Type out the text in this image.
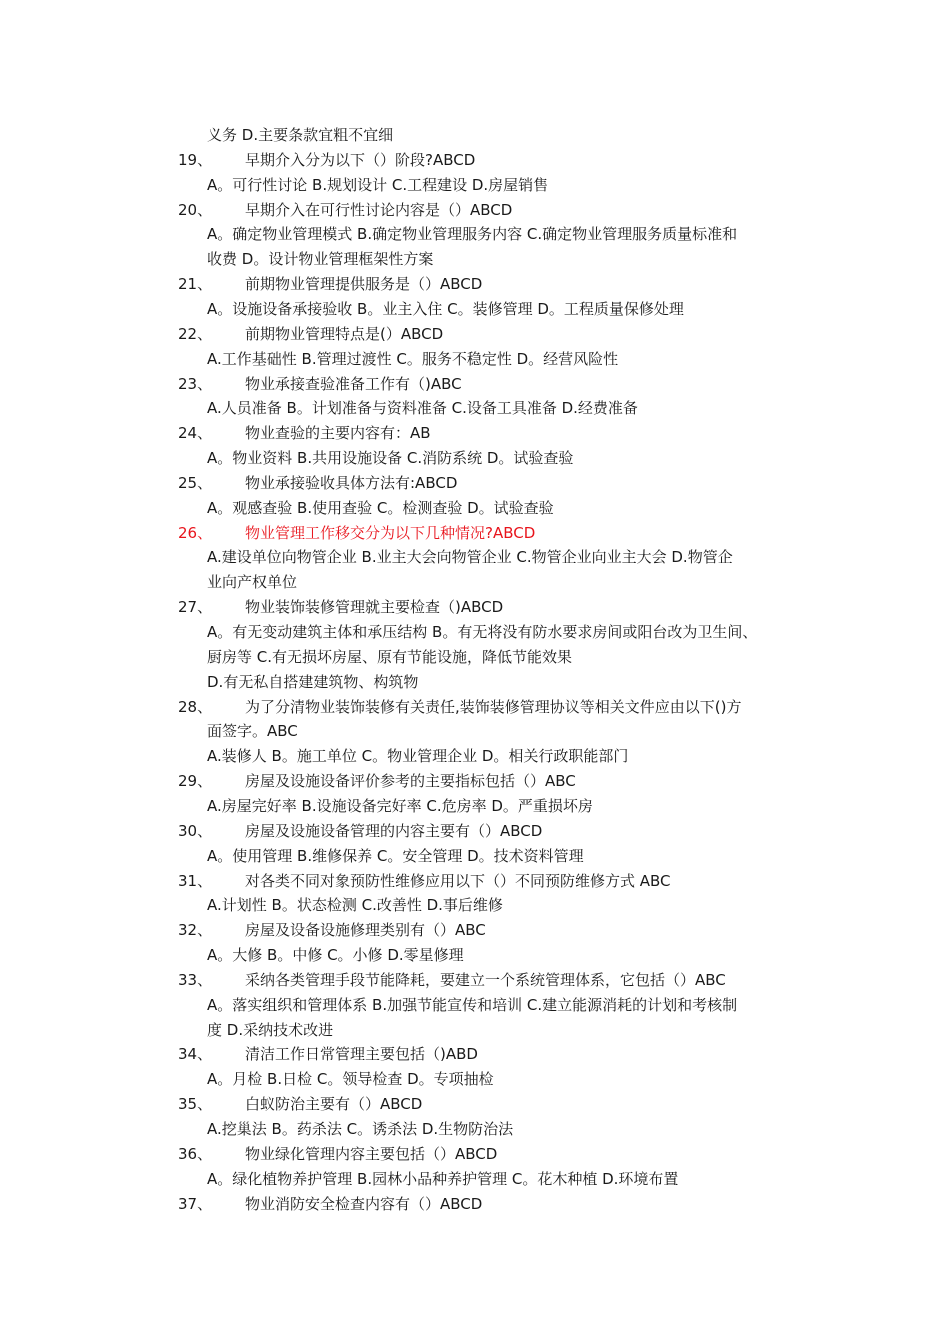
义务 D.主要条款宜粗不宜细
19、 早期介入分为以下（）阶段?ABCD
A。可行性讨论 B.规划设计 C.工程建设 D.房屋销售
20、 早期介入在可行性讨论内容是（）ABCD
A。确定物业管理模式 B.确定物业管理服务内容 C.确定物业管理服务质量标准和
收费 D。设计物业管理框架性方案
21、 前期物业管理提供服务是（）ABCD
A。设施设备承接验收 B。业主入住 C。装修管理 D。工程质量保修处理
22、 前期物业管理特点是(）ABCD
A.工作基础性 B.管理过渡性 C。服务不稳定性 D。经营风险性
23、 物业承接查验准备工作有（)ABC
A.人员准备 B。计划准备与资料准备 C.设备工具准备 D.经费准备
24、 物业查验的主要内容有：AB
A。物业资料 B.共用设施设备 C.消防系统 D。试验查验
25、 物业承接验收具体方法有:ABCD
A。观感查验 B.使用查验 C。检测查验 D。试验查验
26、 物业管理工作移交分为以下几种情况?ABCD
A.建设单位向物管企业 B.业主大会向物管企业 C.物管企业向业主大会 D.物管企
业向产权单位
27、 物业装饰装修管理就主要检查（)ABCD
A。有无变动建筑主体和承压结构 B。有无将没有防水要求房间或阳台改为卫生间、
厨房等 C.有无损坏房屋、原有节能设施，降低节能效果
D.有无私自搭建建筑物、构筑物
28、 为了分清物业装饰装修有关责任,装饰装修管理协议等相关文件应由以下()方
面签字。ABC
A.装修人 B。施工单位 C。物业管理企业 D。相关行政职能部门
29、 房屋及设施设备评价参考的主要指标包括（）ABC
A.房屋完好率 B.设施设备完好率 C.危房率 D。严重损坏房
30、 房屋及设施设备管理的内容主要有（）ABCD
A。使用管理 B.维修保养 C。安全管理 D。技术资料管理
31、 对各类不同对象预防性维修应用以下（）不同预防维修方式 ABC
A.计划性 B。状态检测 C.改善性 D.事后维修
32、 房屋及设备设施修理类别有（）ABC
A。大修 B。中修 C。小修 D.零星修理
33、 采纳各类管理手段节能降耗，要建立一个系统管理体系，它包括（）ABC
A。落实组织和管理体系 B.加强节能宣传和培训 C.建立能源消耗的计划和考核制
度 D.采纳技术改进
34、 清洁工作日常管理主要包括（)ABD
A。月检 B.日检 C。领导检查 D。专项抽检
35、 白蚁防治主要有（）ABCD
A.挖巢法 B。药杀法 C。诱杀法 D.生物防治法
36、 物业绿化管理内容主要包括（）ABCD
A。绿化植物养护管理 B.园林小品种养护管理 C。花木种植 D.环境布置
37、 物业消防安全检查内容有（）ABCD
